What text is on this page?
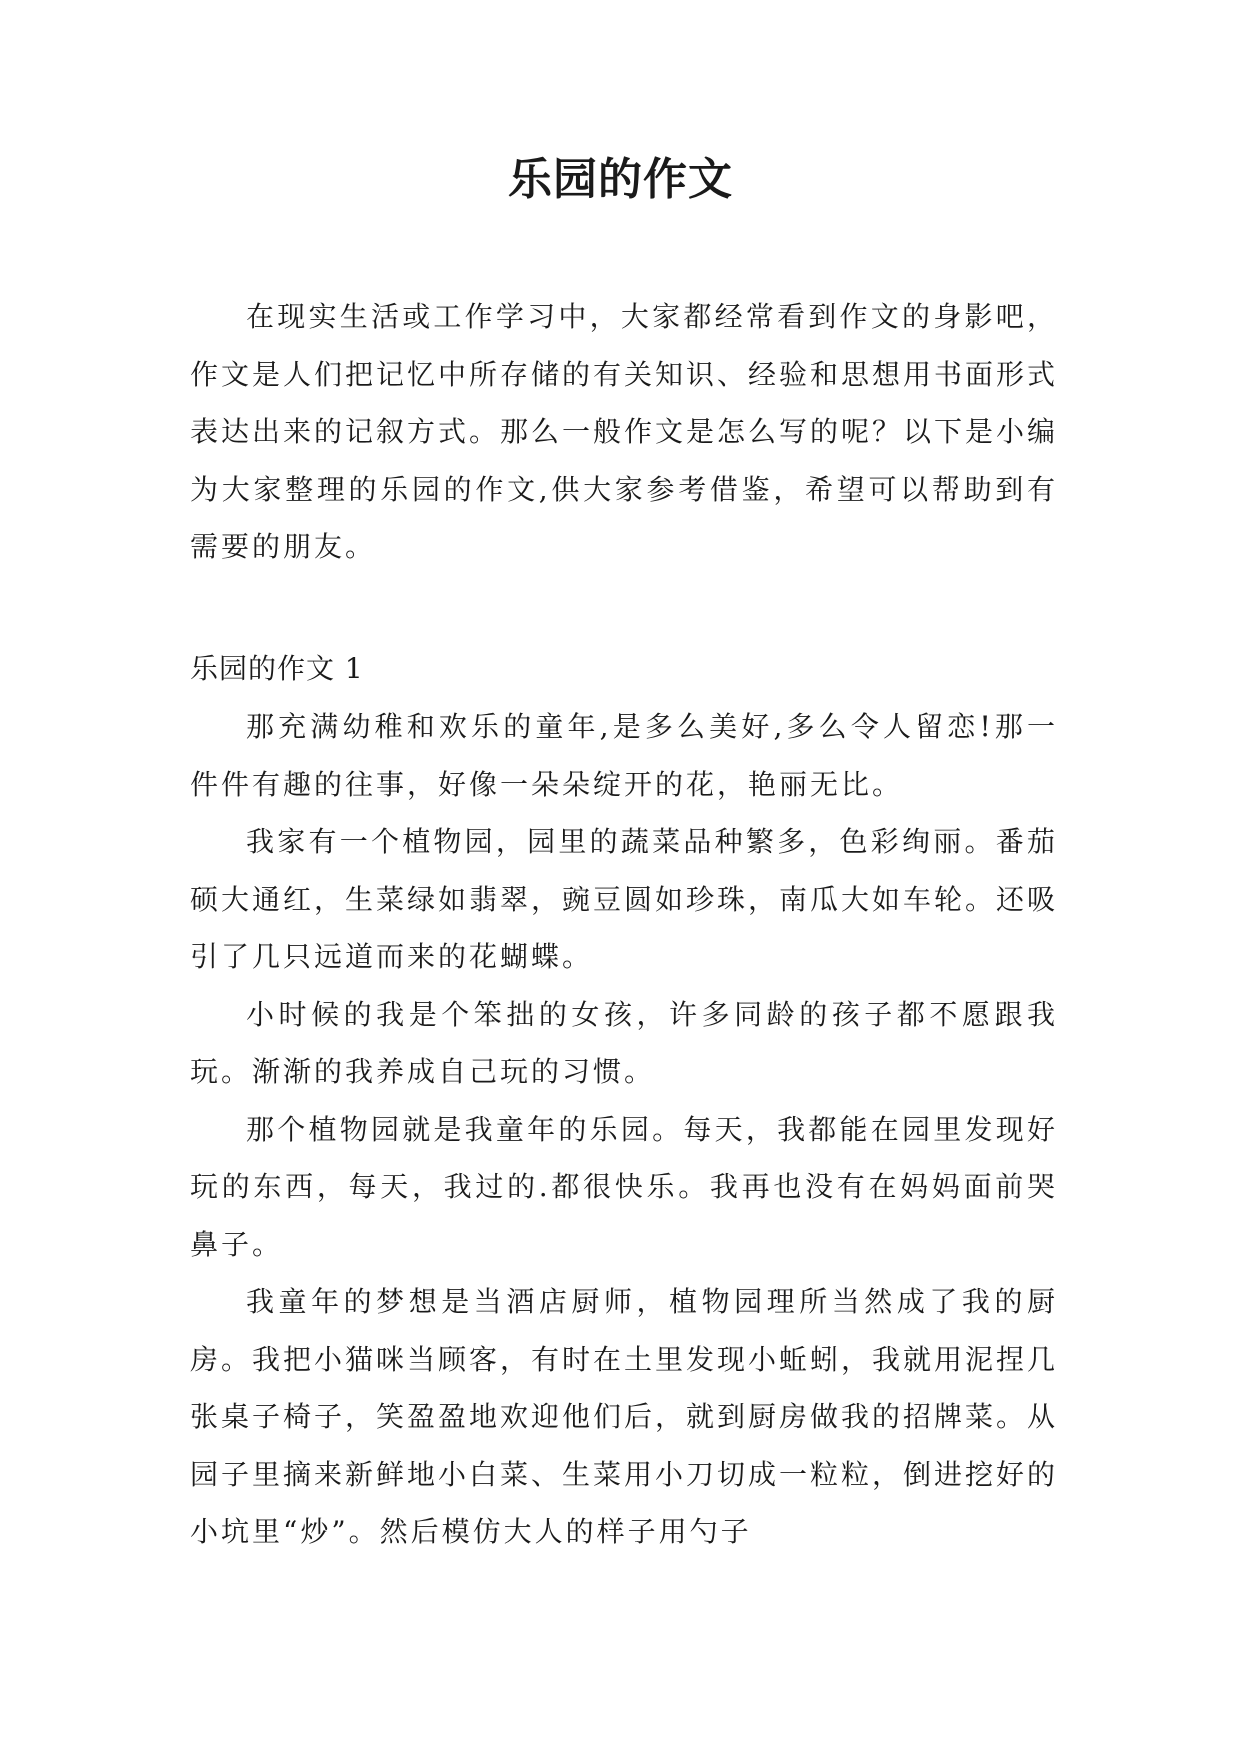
乐园的作文

在现实生活或工作学习中，大家都经常看到作文的身影吧，作文是人们把记忆中所存储的有关知识、经验和思想用书面形式表达出来的记叙方式。那么一般作文是怎么写的呢？以下是小编为大家整理的乐园的作文,供大家参考借鉴，希望可以帮助到有需要的朋友。

乐园的作文 1

那充满幼稚和欢乐的童年,是多么美好,多么令人留恋!那一件件有趣的往事，好像一朵朵绽开的花，艳丽无比。

我家有一个植物园，园里的蔬菜品种繁多，色彩绚丽。番茄硕大通红，生菜绿如翡翠，豌豆圆如珍珠，南瓜大如车轮。还吸引了几只远道而来的花蝴蝶。

小时候的我是个笨拙的女孩，许多同龄的孩子都不愿跟我玩。渐渐的我养成自己玩的习惯。

那个植物园就是我童年的乐园。每天，我都能在园里发现好玩的东西，每天，我过的.都很快乐。我再也没有在妈妈面前哭鼻子。

我童年的梦想是当酒店厨师，植物园理所当然成了我的厨房。我把小猫咪当顾客，有时在土里发现小蚯蚓，我就用泥捏几张桌子椅子，笑盈盈地欢迎他们后，就到厨房做我的招牌菜。从园子里摘来新鲜地小白菜、生菜用小刀切成一粒粒，倒进挖好的小坑里“炒”。然后模仿大人的样子用勺子
